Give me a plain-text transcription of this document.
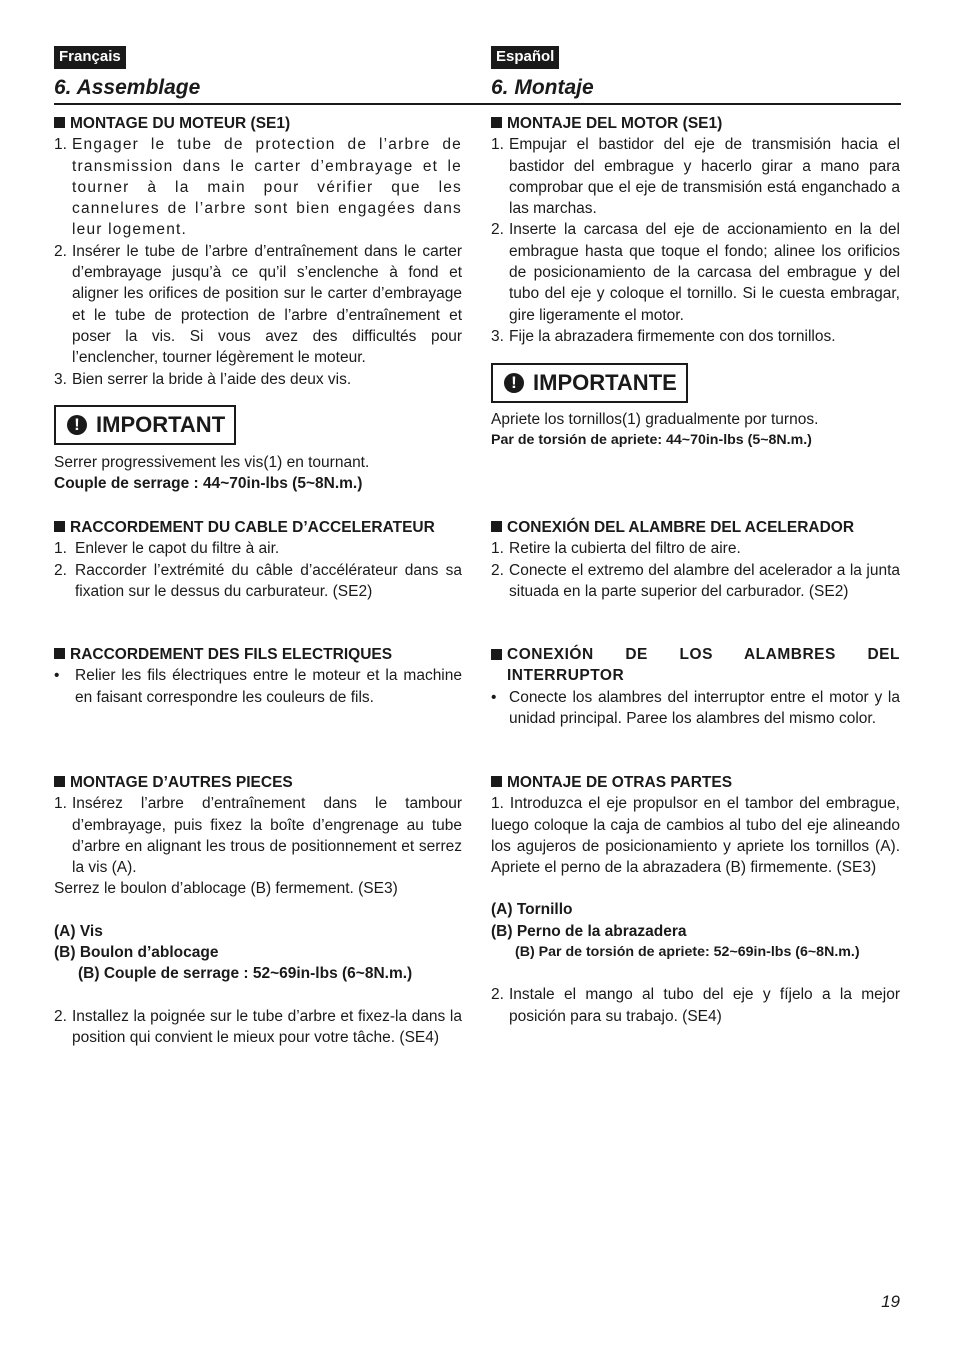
Français
6. Assemblage
Español
6. Montaje
MONTAGE DU MOTEUR (SE1)
1. Engager le tube de protection de l’arbre de transmission dans le carter d’embrayage et le tourner à la main pour vérifier que les cannelures de l’arbre sont bien engagées dans leur logement.
2. Insérer le tube de l’arbre d’entraînement dans le carter d’embrayage jusqu’à ce qu’il s’enclenche à fond et aligner les orifices de position sur le carter d’embrayage et le tube de protection de l’arbre d’entraînement et poser la vis. Si vous avez des difficultés pour l’enclencher, tourner légèrement le moteur.
3. Bien serrer la bride à l’aide des deux vis.
! IMPORTANT
Serrer progressivement les vis(1) en tournant.
Couple de serrage : 44~70in-lbs (5~8N.m.)
RACCORDEMENT DU CABLE D’ACCELERATEUR
1. Enlever le capot du filtre à air.
2. Raccorder l’extrémité du câble d’accélérateur dans sa fixation sur le dessus du carburateur. (SE2)
RACCORDEMENT DES FILS ELECTRIQUES
•	Relier les fils électriques entre le moteur et la machine en faisant correspondre les couleurs de fils.
MONTAGE D’AUTRES PIECES
1. Insérez l’arbre d’entraînement dans le tambour d’embrayage, puis fixez la boîte d’engrenage au tube d’arbre en alignant les trous de positionnement et serrez la vis (A).
Serrez le boulon d’ablocage (B) fermement. (SE3)
(A) Vis
(B) Boulon d’ablocage
(B) Couple de serrage : 52~69in-lbs (6~8N.m.)
2. Installez la poignée sur le tube d’arbre et fixez-la dans la position qui convient le mieux pour votre tâche. (SE4)
MONTAJE DEL MOTOR (SE1)
1. Empujar el bastidor del eje de transmisión hacia el bastidor del embrague y hacerlo girar a mano para comprobar que el eje de transmisión está enganchado a las marchas.
2. Inserte la carcasa del eje de accionamiento en la del embrague hasta que toque el fondo; alinee los orificios de posicionamiento de la carcasa del embrague y del tubo del eje y coloque el tornillo. Si le cuesta embragar, gire ligeramente el motor.
3. Fije la abrazadera firmemente con dos tornillos.
! IMPORTANTE
Apriete los tornillos(1) gradualmente por turnos.
Par de torsión de apriete: 44~70in-lbs (5~8N.m.)
CONEXIÓN DEL ALAMBRE DEL ACELERADOR
1. Retire la cubierta del filtro de aire.
2. Conecte el extremo del alambre del acelerador a la junta situada en la parte superior del carburador. (SE2)
CONEXIÓN DE LOS ALAMBRES DEL INTERRUPTOR
• Conecte los alambres del interruptor entre el motor y la unidad principal. Paree los alambres del mismo color.
MONTAJE DE OTRAS PARTES
1. Introduzca el eje propulsor en el tambor del embrague, luego coloque la caja de cambios al tubo del eje alineando los agujeros de posicionamiento y apriete los tornillos (A). Apriete el perno de la abrazadera (B) firmemente. (SE3)
(A) Tornillo
(B) Perno de la abrazadera
(B) Par de torsión de apriete: 52~69in-lbs (6~8N.m.)
2. Instale el mango al tubo del eje y fíjelo a la mejor posición para su trabajo. (SE4)
19
